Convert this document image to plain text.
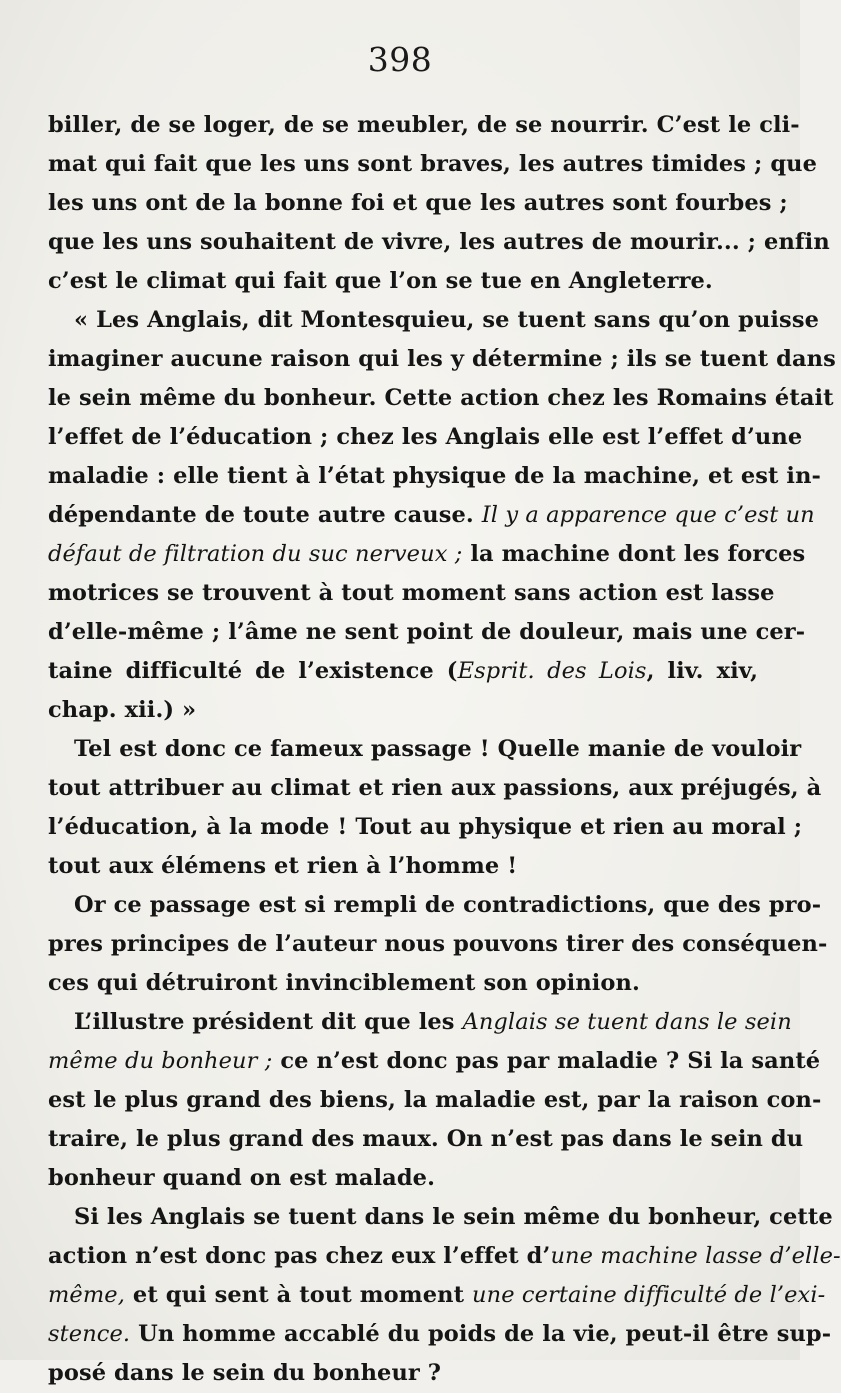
398
biller, de se loger, de se meubler, de se nourrir. C’est le cli-
mat qui fait que les uns sont braves, les autres timides ; que
les uns ont de la bonne foi et que les autres sont fourbes ;
que les uns souhaitent de vivre, les autres de mourir... ; enfin
c’est le climat qui fait que l’on se tue en Angleterre.
« Les Anglais, dit Montesquieu, se tuent sans qu’on puisse
imaginer aucune raison qui les y détermine ; ils se tuent dans
le sein même du bonheur. Cette action chez les Romains était
l’effet de l’éducation ; chez les Anglais elle est l’effet d’une
maladie : elle tient à l’état physique de la machine, et est in-
dépendante de toute autre cause. Il y a apparence que c’est un
défaut de filtration du suc nerveux ; la machine dont les forces
motrices se trouvent à tout moment sans action est lasse
d’elle-même ; l’âme ne sent point de douleur, mais une cer-
taine difficulté de l’existence (Esprit. des Lois, liv. xiv,
chap. xii.) »
Tel est donc ce fameux passage ! Quelle manie de vouloir
tout attribuer au climat et rien aux passions, aux préjugés, à
l’éducation, à la mode ! Tout au physique et rien au moral ;
tout aux élémens et rien à l’homme !
Or ce passage est si rempli de contradictions, que des pro-
pres principes de l’auteur nous pouvons tirer des conséquen-
ces qui détruiront invinciblement son opinion.
L’illustre président dit que les Anglais se tuent dans le sein
même du bonheur ; ce n’est donc pas par maladie ? Si la santé
est le plus grand des biens, la maladie est, par la raison con-
traire, le plus grand des maux. On n’est pas dans le sein du
bonheur quand on est malade.
Si les Anglais se tuent dans le sein même du bonheur, cette
action n’est donc pas chez eux l’effet d’une machine lasse d’elle-
même, et qui sent à tout moment une certaine difficulté de l’exi-
stence. Un homme accablé du poids de la vie, peut-il être sup-
posé dans le sein du bonheur ?
